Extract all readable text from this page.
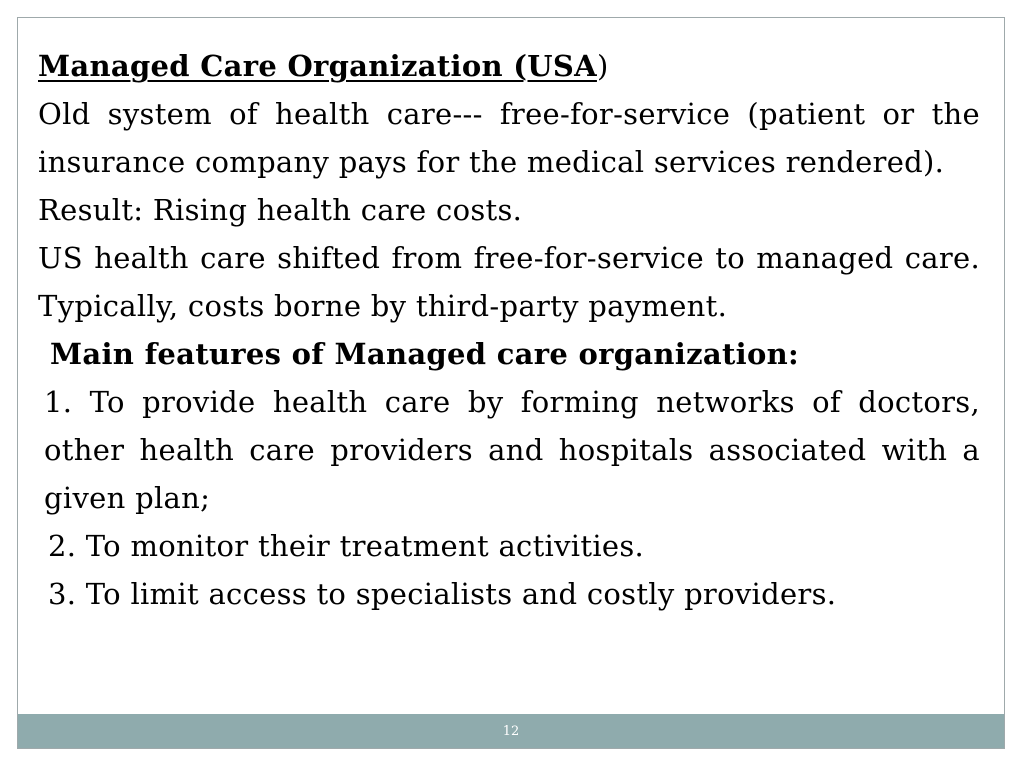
Managed Care Organization (USA)

Old system of health care--- free-for-service (patient or the insurance company pays for the medical services rendered).

Result: Rising health care costs.

US health care shifted from free-for-service to managed care. Typically, costs borne by third-party payment.

Main features of Managed care organization:

1. To provide health care by forming networks of doctors, other health care providers and hospitals associated with a given plan;

2. To monitor their treatment activities.

3. To limit access to specialists and costly providers.

12
